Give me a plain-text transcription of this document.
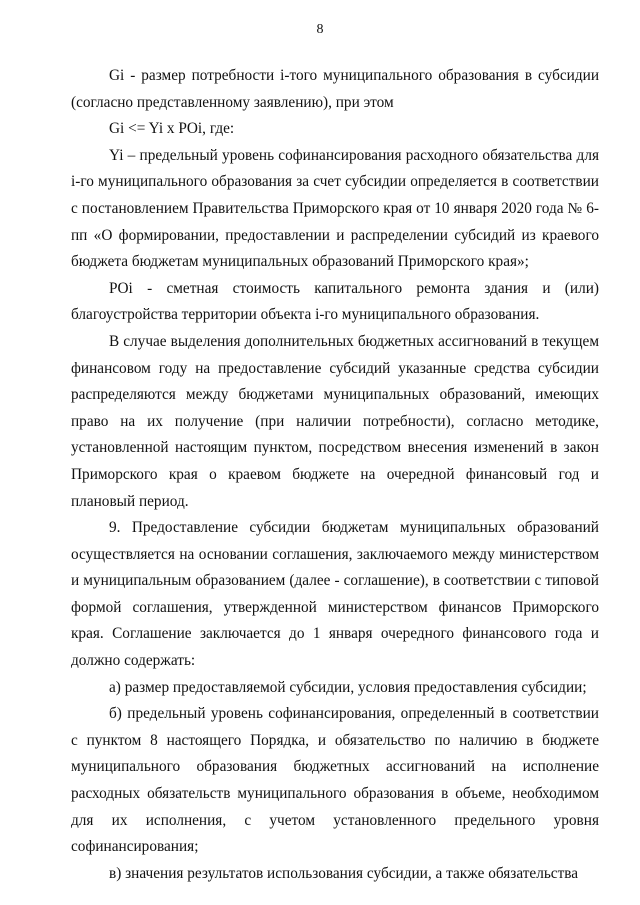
8

Gi - размер потребности i-того муниципального образования в субсидии (согласно представленному заявлению), при этом

Gi <= Yi x POi, где:

Yi – предельный уровень софинансирования расходного обязательства для i-го муниципального образования за счет субсидии определяется в соответствии с постановлением Правительства Приморского края от 10 января 2020 года № 6-пп «О формировании, предоставлении и распределении субсидий из краевого бюджета бюджетам муниципальных образований Приморского края»;

POi - сметная стоимость капитального ремонта здания и (или) благоустройства территории объекта i-го муниципального образования.

В случае выделения дополнительных бюджетных ассигнований в текущем финансовом году на предоставление субсидий указанные средства субсидии распределяются между бюджетами муниципальных образований, имеющих право на их получение (при наличии потребности), согласно методике, установленной настоящим пунктом, посредством внесения изменений в закон Приморского края о краевом бюджете на очередной финансовый год и плановый период.

9. Предоставление субсидии бюджетам муниципальных образований осуществляется на основании соглашения, заключаемого между министерством и муниципальным образованием (далее - соглашение), в соответствии с типовой формой соглашения, утвержденной министерством финансов Приморского края. Соглашение заключается до 1 января очередного финансового года и должно содержать:

а) размер предоставляемой субсидии, условия предоставления субсидии;

б) предельный уровень софинансирования, определенный в соответствии с пунктом 8 настоящего Порядка, и обязательство по наличию в бюджете муниципального образования бюджетных ассигнований на исполнение расходных обязательств муниципального образования в объеме, необходимом для их исполнения, с учетом установленного предельного уровня софинансирования;

в) значения результатов использования субсидии, а также обязательства
